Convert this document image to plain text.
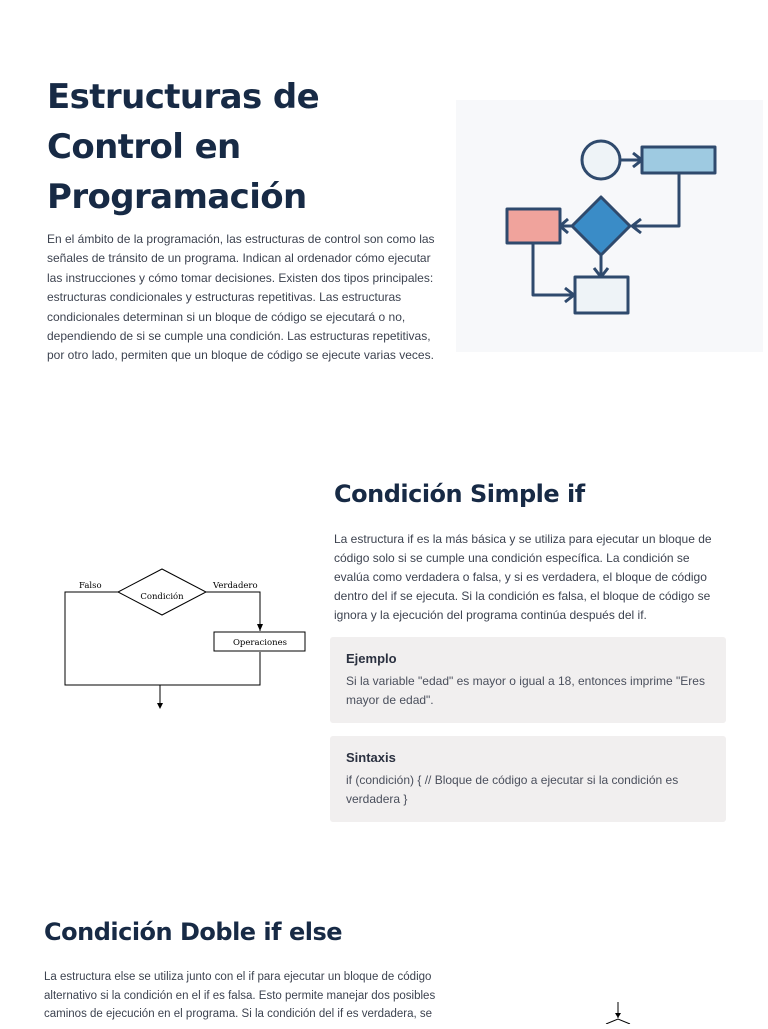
Estructuras de Control en Programación

En el ámbito de la programación, las estructuras de control son como las señales de tránsito de un programa. Indican al ordenador cómo ejecutar las instrucciones y cómo tomar decisiones. Existen dos tipos principales: estructuras condicionales y estructuras repetitivas. Las estructuras condicionales determinan si un bloque de código se ejecutará o no, dependiendo de si se cumple una condición. Las estructuras repetitivas, por otro lado, permiten que un bloque de código se ejecute varias veces.

Condición Simple if

La estructura if es la más básica y se utiliza para ejecutar un bloque de código solo si se cumple una condición específica. La condición se evalúa como verdadera o falsa, y si es verdadera, el bloque de código dentro del if se ejecuta. Si la condición es falsa, el bloque de código se ignora y la ejecución del programa continúa después del if.

Falso	Verdadero
Condición
Operaciones
Ejemplo

Si la variable "edad" es mayor o igual a 18, entonces imprime "Eres mayor de edad".

Sintaxis

if (condición) { // Bloque de código a ejecutar si la condición es verdadera }

Condición Doble if else

La estructura else se utiliza junto con el if para ejecutar un bloque de código alternativo si la condición en el if es falsa. Esto permite manejar dos posibles caminos de ejecución en el programa. Si la condición del if es verdadera, se
